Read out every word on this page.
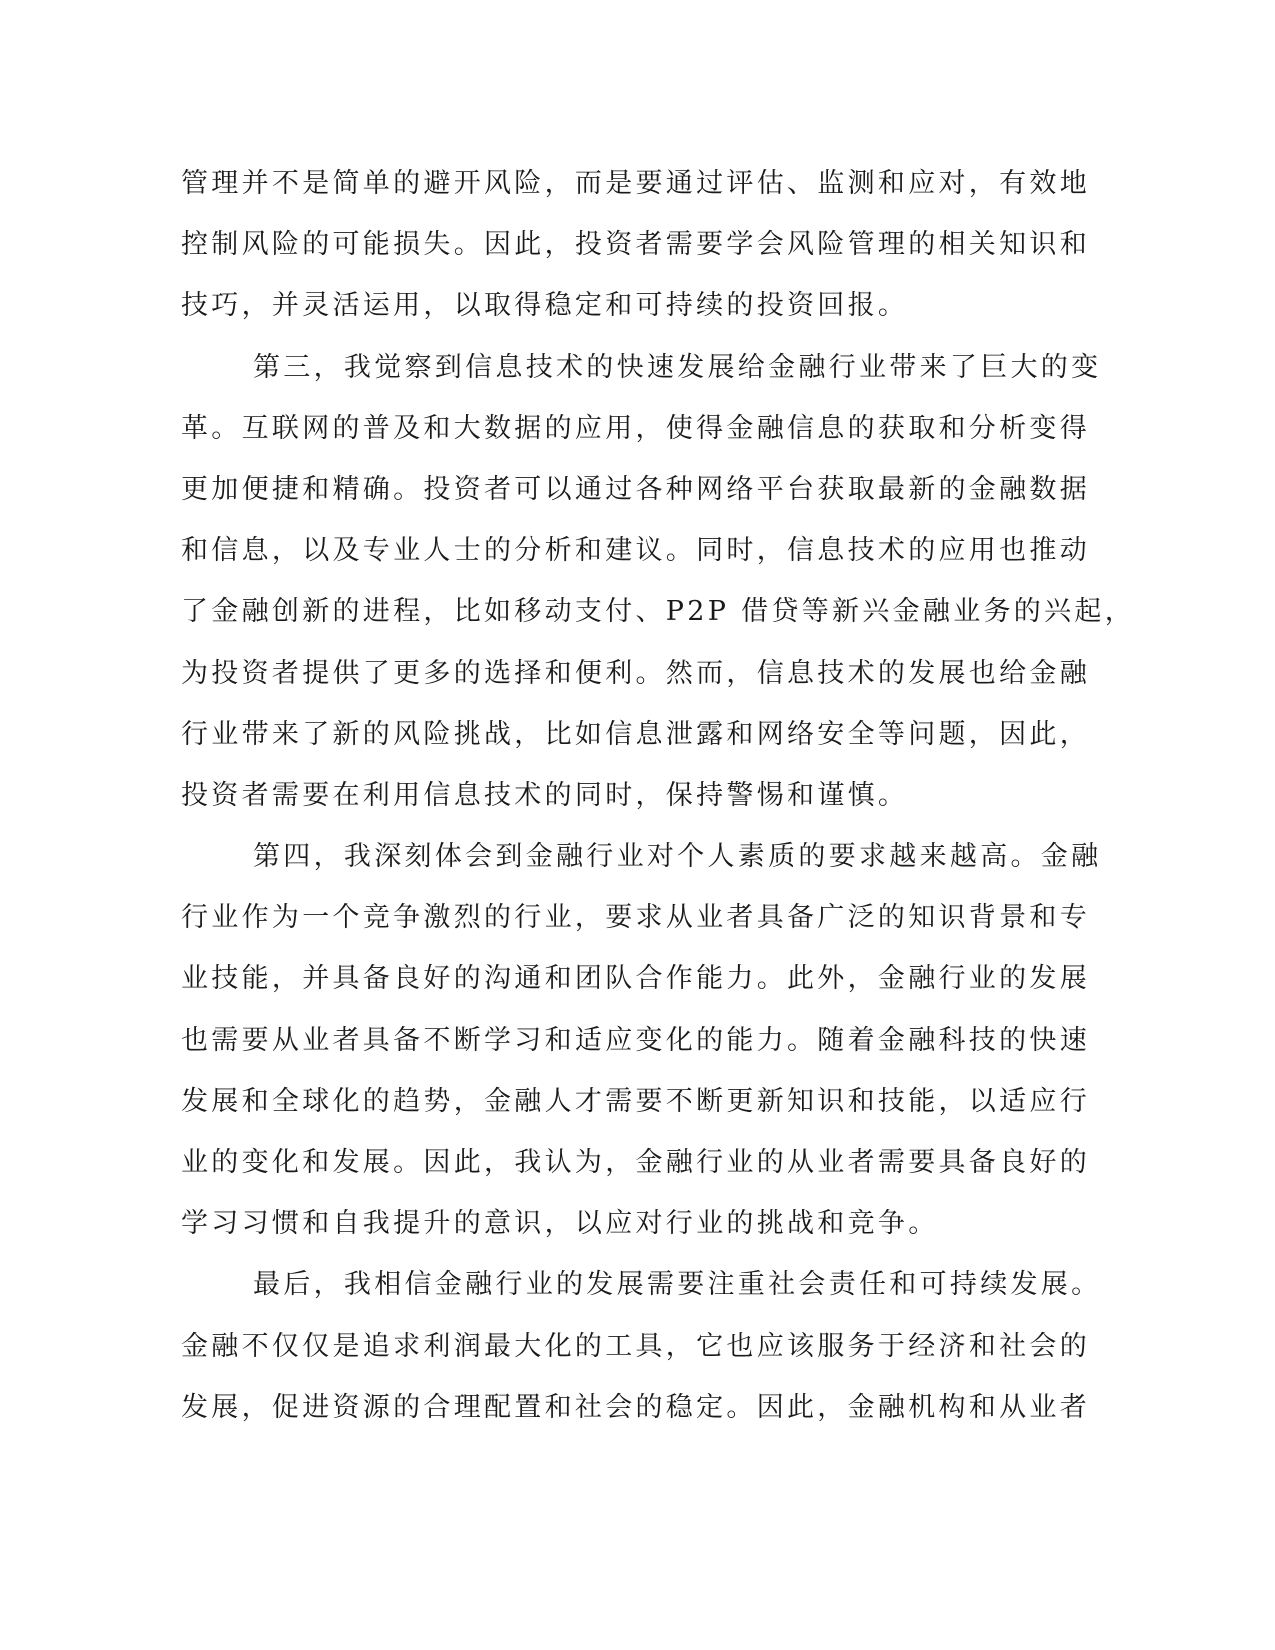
管理并不是简单的避开风险，而是要通过评估、监测和应对，有效地
控制风险的可能损失。因此，投资者需要学会风险管理的相关知识和
技巧，并灵活运用，以取得稳定和可持续的投资回报。
第三，我觉察到信息技术的快速发展给金融行业带来了巨大的变
革。互联网的普及和大数据的应用，使得金融信息的获取和分析变得
更加便捷和精确。投资者可以通过各种网络平台获取最新的金融数据
和信息，以及专业人士的分析和建议。同时，信息技术的应用也推动
了金融创新的进程，比如移动支付、P2P 借贷等新兴金融业务的兴起，
为投资者提供了更多的选择和便利。然而，信息技术的发展也给金融
行业带来了新的风险挑战，比如信息泄露和网络安全等问题，因此，
投资者需要在利用信息技术的同时，保持警惕和谨慎。
第四，我深刻体会到金融行业对个人素质的要求越来越高。金融
行业作为一个竞争激烈的行业，要求从业者具备广泛的知识背景和专
业技能，并具备良好的沟通和团队合作能力。此外，金融行业的发展
也需要从业者具备不断学习和适应变化的能力。随着金融科技的快速
发展和全球化的趋势，金融人才需要不断更新知识和技能，以适应行
业的变化和发展。因此，我认为，金融行业的从业者需要具备良好的
学习习惯和自我提升的意识，以应对行业的挑战和竞争。
最后，我相信金融行业的发展需要注重社会责任和可持续发展。
金融不仅仅是追求利润最大化的工具，它也应该服务于经济和社会的
发展，促进资源的合理配置和社会的稳定。因此，金融机构和从业者
